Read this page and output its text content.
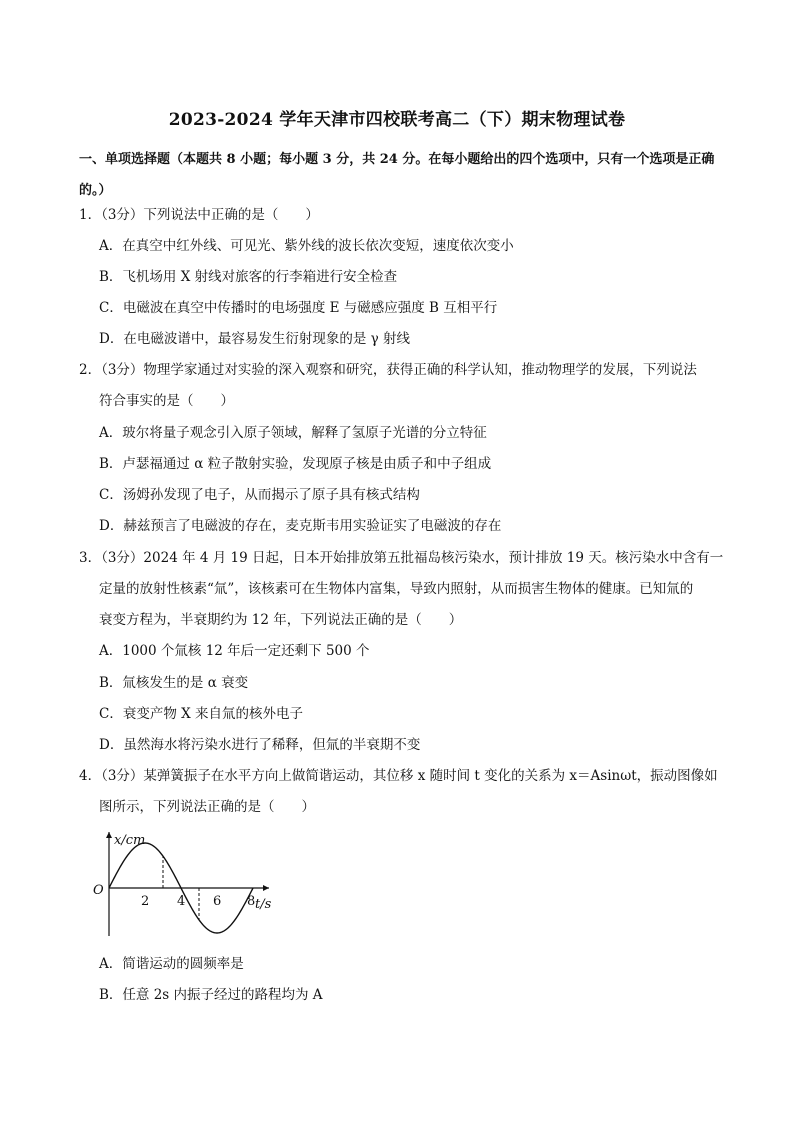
2023-2024 学年天津市四校联考高二（下）期末物理试卷
一、单项选择题（本题共 8 小题；每小题 3 分，共 24 分。在每小题给出的四个选项中，只有一个选项是正确的。）
1．（3分）下列说法中正确的是（　　）
A．在真空中红外线、可见光、紫外线的波长依次变短，速度依次变小
B．飞机场用 X 射线对旅客的行李箱进行安全检查
C．电磁波在真空中传播时的电场强度 E 与磁感应强度 B 互相平行
D．在电磁波谱中，最容易发生衍射现象的是 γ 射线
2．（3分）物理学家通过对实验的深入观察和研究，获得正确的科学认知，推动物理学的发展，下列说法
符合事实的是（　　）
A．玻尔将量子观念引入原子领域，解释了氢原子光谱的分立特征
B．卢瑟福通过 α 粒子散射实验，发现原子核是由质子和中子组成
C．汤姆孙发现了电子，从而揭示了原子具有核式结构
D．赫兹预言了电磁波的存在，麦克斯韦用实验证实了电磁波的存在
3．（3分）2024 年 4 月 19 日起，日本开始排放第五批福岛核污染水，预计排放 19 天。核污染水中含有一
定量的放射性核素“氚”，该核素可在生物体内富集，导致内照射，从而损害生物体的健康。已知氚的
衰变方程为，半衰期约为 12 年，下列说法正确的是（　　）
A．1000 个氚核 12 年后一定还剩下 500 个
B．氚核发生的是 α 衰变
C．衰变产物 X 来自氚的核外电子
D．虽然海水将污染水进行了稀释，但氚的半衰期不变
4．（3分）某弹簧振子在水平方向上做简谐运动，其位移 x 随时间 t 变化的关系为 x＝Asinωt，振动图像如
图所示，下列说法正确的是（　　）
2 4 6 8
O
x/cm
t/s
A．简谐运动的圆频率是
B．任意 2s 内振子经过的路程均为 A
